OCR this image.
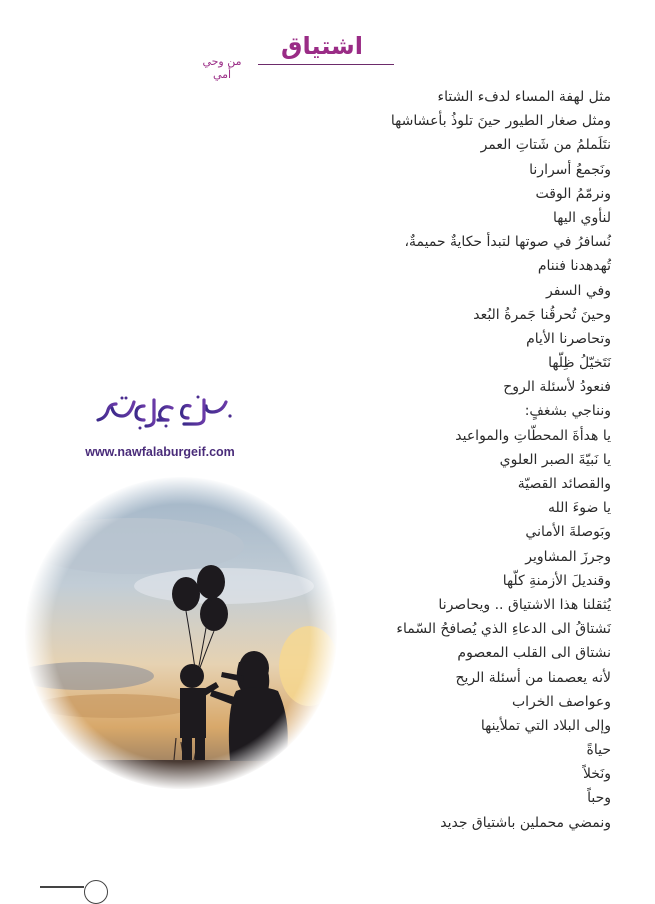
اشتياق
من وحي أمي
مثل لهفة المساء لدفء الشتاء
ومثل صغار الطيور حينَ تلوذُ بأعشاشها
نتَلَملمُ من شَتاتِ العمر
ونَجمعُ أسرارنا
ونرمّمُ الوقت
لنأوي اليها
نُسافرُ في صوتها لتبدأ حكايةٌ حميمةٌ،
تُهدهدنا فننام
وفي السفر
وحينَ تُحرقُنا جَمرةُ البُعد
وتحاصرنا الأيام
نَتَخيّلُ ظِلّها
فنعودُ لأسئلة الروح
ونناجي بشغفٍ:
يا هدأةَ المحطّاتِ والمواعيد
يا نَبيّةَ الصبر العلوي
والقصائد القصيّة
يا ضوءَ الله
وبَوصلةَ الأماني
وجرزَ المشاوير
وقنديلَ الأزمنةِ كلّها
يُثقلنا هذا الاشتياق .. ويحاصرنا
نَشتاقُ الى الدعاءِ الذي يُصافحُ السّماء
نشتاق الى القلب المعصوم
لأنه يعصمنا من أسئلة الريح
وعواصف الخراب
وإلى البلاد التي تملأينها
حياةً
ونَخلاً
وحباً
ونمضي محملين باشتياق جديد
www.nawfalaburgeif.com
